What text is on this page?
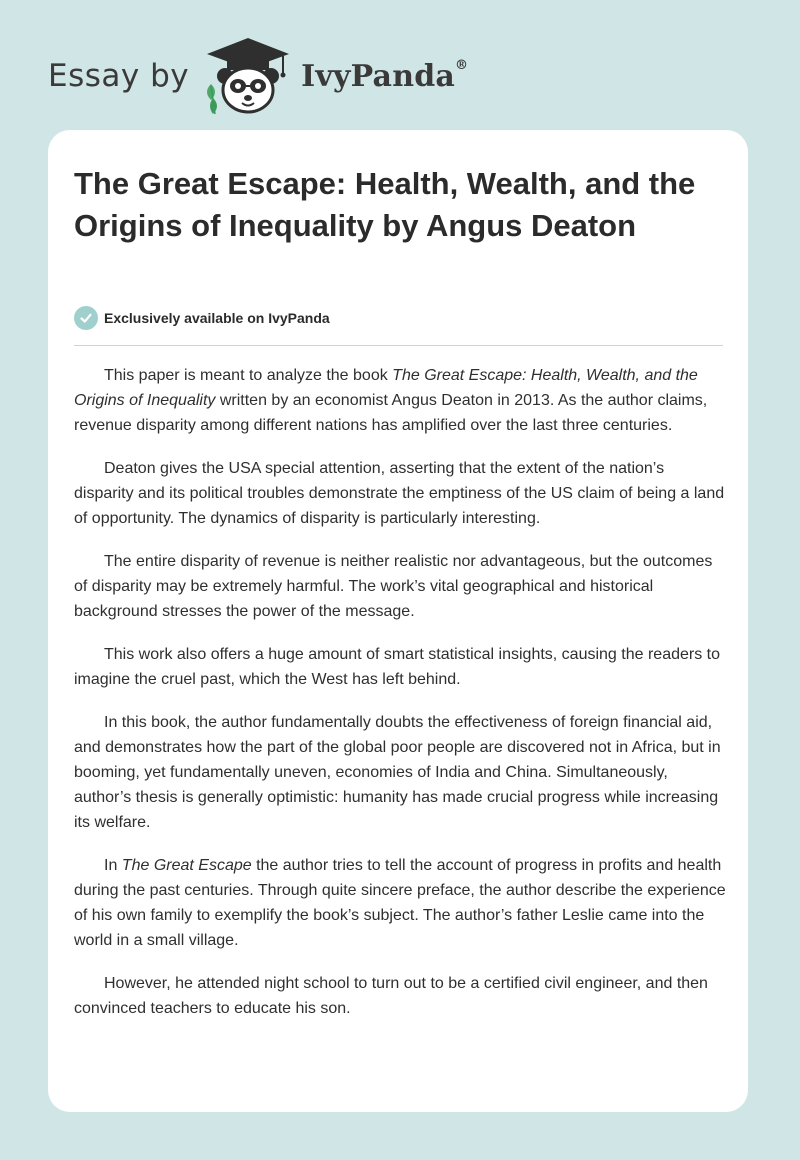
Essay by	IvyPanda®
The Great Escape: Health, Wealth, and the Origins of Inequality by Angus Deaton
Exclusively available on IvyPanda

This paper is meant to analyze the book The Great Escape: Health, Wealth, and the Origins of Inequality written by an economist Angus Deaton in 2013. As the author claims, revenue disparity among different nations has amplified over the last three centuries.

Deaton gives the USA special attention, asserting that the extent of the nation’s disparity and its political troubles demonstrate the emptiness of the US claim of being a land of opportunity. The dynamics of disparity is particularly interesting.

The entire disparity of revenue is neither realistic nor advantageous, but the outcomes of disparity may be extremely harmful. The work’s vital geographical and historical background stresses the power of the message.

This work also offers a huge amount of smart statistical insights, causing the readers to imagine the cruel past, which the West has left behind.

In this book, the author fundamentally doubts the effectiveness of foreign financial aid, and demonstrates how the part of the global poor people are discovered not in Africa, but in booming, yet fundamentally uneven, economies of India and China. Simultaneously, author’s thesis is generally optimistic: humanity has made crucial progress while increasing its welfare.

In The Great Escape the author tries to tell the account of progress in profits and health during the past centuries. Through quite sincere preface, the author describe the experience of his own family to exemplify the book’s subject. The author’s father Leslie came into the world in a small village.

However, he attended night school to turn out to be a certified civil engineer, and then convinced teachers to educate his son.
